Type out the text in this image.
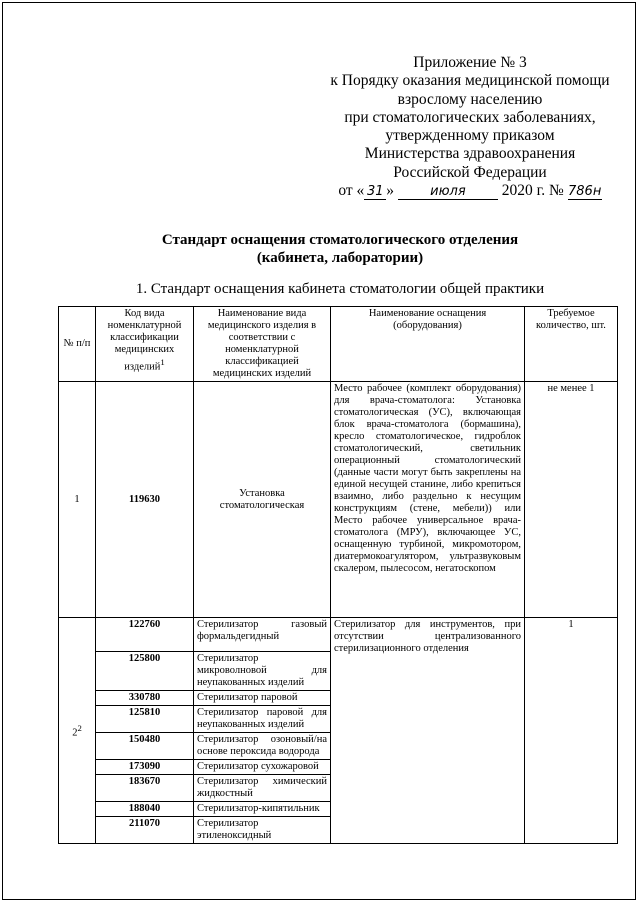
Приложение № 3
к Порядку оказания медицинской помощи
взрослому населению
при стоматологических заболеваниях,
утвержденному приказом
Министерства здравоохранения
Российской Федерации
от « 31 »	июля 2020 г. № 786н
Стандарт оснащения стоматологического отделения
(кабинета, лаборатории)
1. Стандарт оснащения кабинета стоматологии общей практики
№ п/п	Код вида номенклатурной классификации медицинских изделий$^1$	Наименование вида медицинского изделия в соответствии с номенклатурной классификацией медицинских изделий	Наименование оснащения (оборудования)	Требуемое количество, шт.
1	119630	Установка стоматологическая	Место рабочее (комплект оборудования) для врача-стоматолога: Установка стоматологическая (УС), включающая блок врача-стоматолога (бормашина), кресло стоматологическое, гидроблок стоматологический, светильник операционный стоматологический (данные части могут быть закреплены на единой несущей станине, либо крепиться взаимно, либо раздельно к несущим конструкциям (стене, мебели)) или Место рабочее универсальное врача-стоматолога (МРУ), включающее УС, оснащенную турбиной, микромотором, диатермокоагулятором, ультразвуковым скалером, пылесосом, негатоскопом	не менее 1
$2^2$	122760	Стерилизатор газовый формальдегидный	Стерилизатор для инструментов, при отсутствии централизованного стерилизационного отделения	1
	125800	Стерилизатор микроволновой для неупакованных изделий		
	330780	Стерилизатор паровой		
	125810	Стерилизатор паровой для неупакованных изделий		
	150480	Стерилизатор озоновый/на основе пероксида водорода		
	173090	Стерилизатор сухожаровой		
	183670	Стерилизатор химический жидкостный		
	188040	Стерилизатор-кипятильник		
	211070	Стерилизатор этиленоксидный		
